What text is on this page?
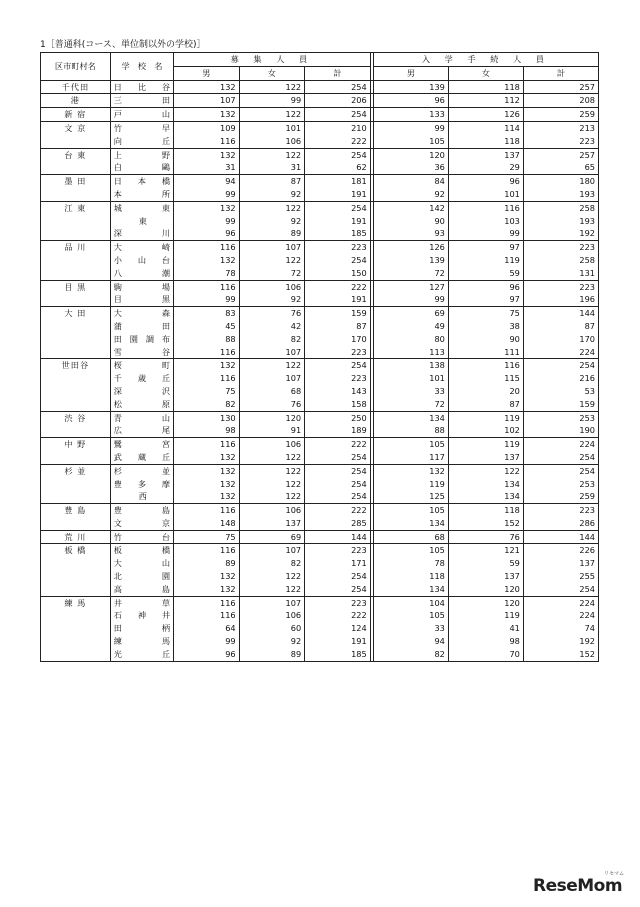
1［普通科(コース、単位制以外の学校)］
区市町村名	学　校　名	募 集 人 員				入 学 手 続 人 員		
		男	女	計		男	女	計
千代田	日比谷	132	122	254		139	118	257
港	三田	107	99	206		96	112	208
新 宿	戸山	132	122	254		133	126	259
文 京	竹早	109	101	210		99	114	213
	向丘	116	106	222		105	118	223
台 東	上野	132	122	254		120	137	257
	白鷗	31	31	62		36	29	65
墨 田	日本橋	94	87	181		84	96	180
	本所	99	92	191		92	101	193
江 東	城東	132	122	254		142	116	258
	東	99	92	191		90	103	193
	深川	96	89	185		93	99	192
品 川	大崎	116	107	223		126	97	223
	小山台	132	122	254		139	119	258
	八潮	78	72	150		72	59	131
目 黒	駒場	116	106	222		127	96	223
	目黒	99	92	191		99	97	196
大 田	大森	83	76	159		69	75	144
	蒲田	45	42	87		49	38	87
	田園調布	88	82	170		80	90	170
	雪谷	116	107	223		113	111	224
世田谷	桜町	132	122	254		138	116	254
	千歳丘	116	107	223		101	115	216
	深沢	75	68	143		33	20	53
	松原	82	76	158		72	87	159
渋 谷	青山	130	120	250		134	119	253
	広尾	98	91	189		88	102	190
中 野	鷺宮	116	106	222		105	119	224
	武蔵丘	132	122	254		117	137	254
杉 並	杉並	132	122	254		132	122	254
	豊多摩	132	122	254		119	134	253
	西	132	122	254		125	134	259
豊 島	豊島	116	106	222		105	118	223
	文京	148	137	285		134	152	286
荒 川	竹台	75	69	144		68	76	144
板 橋	板橋	116	107	223		105	121	226
	大山	89	82	171		78	59	137
	北園	132	122	254		118	137	255
	高島	132	122	254		134	120	254
練 馬	井草	116	107	223		104	120	224
	石神井	116	106	222		105	119	224
	田柄	64	60	124		33	41	74
	練馬	99	92	191		94	98	192
	光丘	96	89	185		82	70	152
ReseMom
リセマム
